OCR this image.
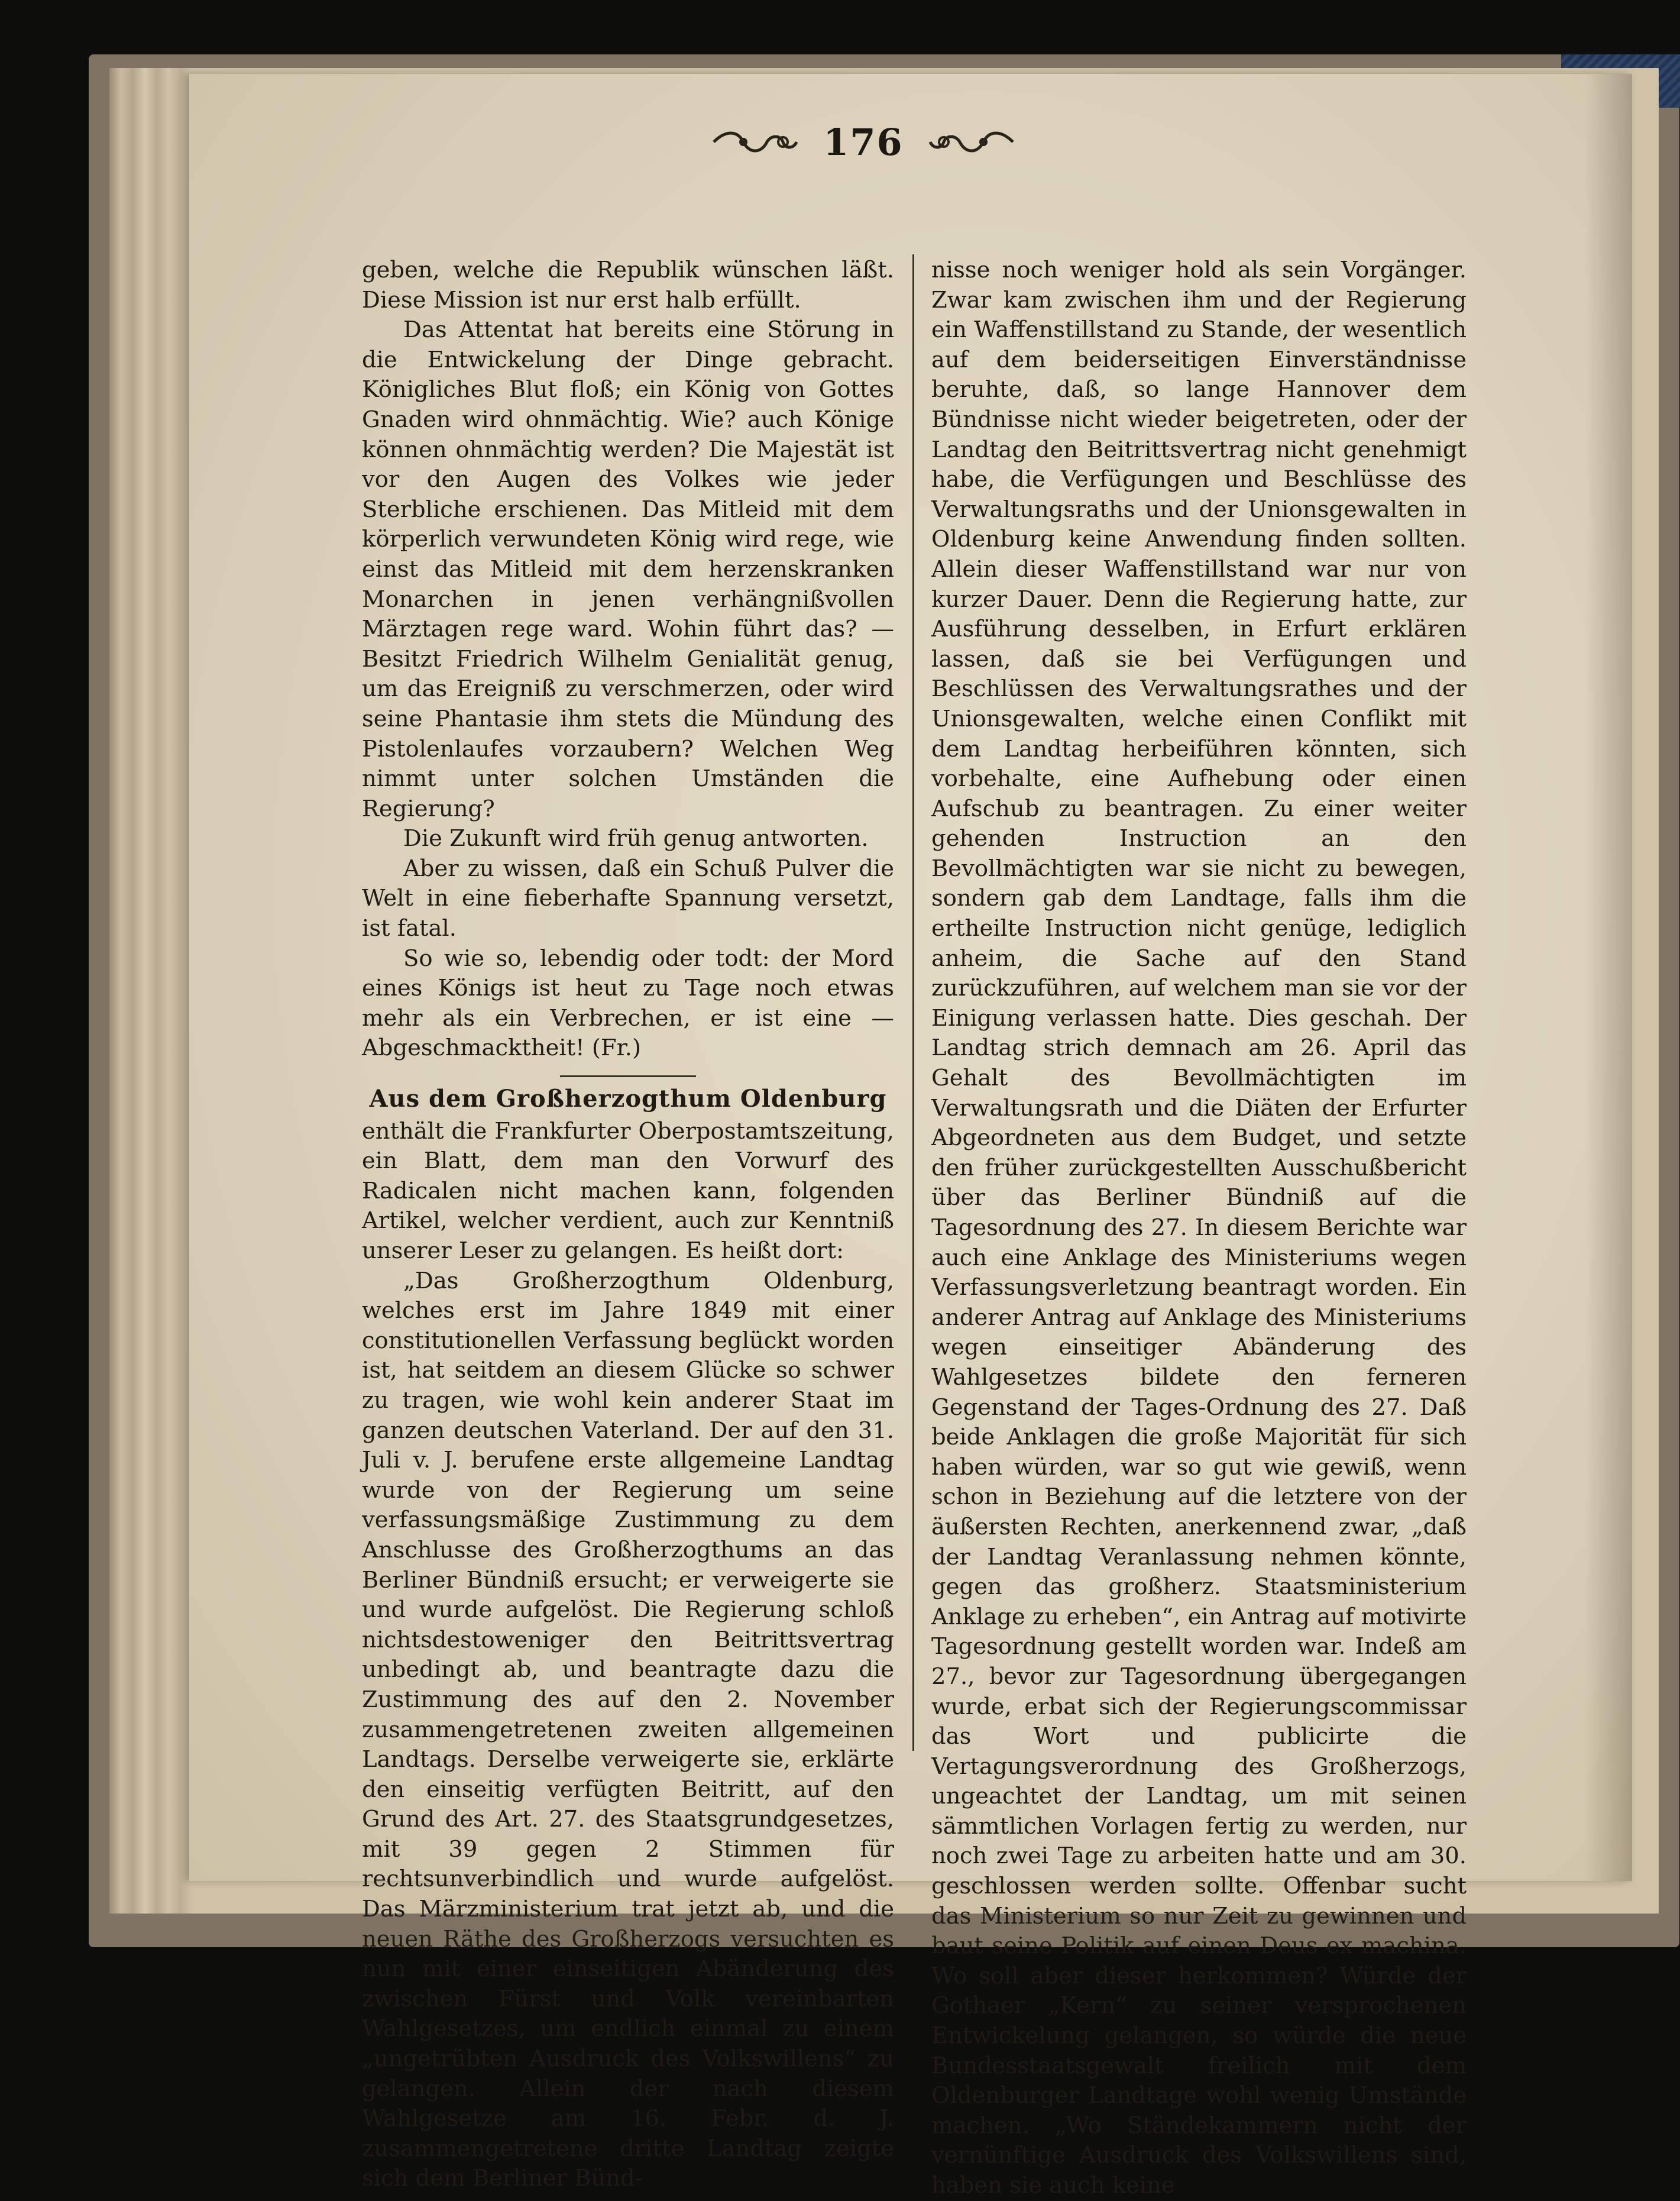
176

geben, welche die Republik wünschen läßt. Diese Mission ist nur erst halb erfüllt.

Das Attentat hat bereits eine Störung in die Entwickelung der Dinge gebracht. Königliches Blut floß; ein König von Gottes Gnaden wird ohnmächtig. Wie? auch Könige können ohnmächtig werden? Die Majestät ist vor den Augen des Volkes wie jeder Sterbliche erschienen. Das Mitleid mit dem körperlich verwundeten König wird rege, wie einst das Mitleid mit dem herzenskranken Monarchen in jenen verhängnißvollen Märztagen rege ward. Wohin führt das? — Besitzt Friedrich Wilhelm Genialität genug, um das Ereigniß zu verschmerzen, oder wird seine Phantasie ihm stets die Mündung des Pistolenlaufes vorzaubern? Welchen Weg nimmt unter solchen Umständen die Regierung?

Die Zukunft wird früh genug antworten.

Aber zu wissen, daß ein Schuß Pulver die Welt in eine fieberhafte Spannung versetzt, ist fatal.

So wie so, lebendig oder todt: der Mord eines Königs ist heut zu Tage noch etwas mehr als ein Verbrechen, er ist eine — Abgeschmacktheit! (Fr.)

Aus dem Großherzogthum Oldenburg

enthält die Frankfurter Oberpostamtszeitung, ein Blatt, dem man den Vorwurf des Radicalen nicht machen kann, folgenden Artikel, welcher verdient, auch zur Kenntniß unserer Leser zu gelangen. Es heißt dort:

„Das Großherzogthum Oldenburg, welches erst im Jahre 1849 mit einer constitutionellen Verfassung beglückt worden ist, hat seitdem an diesem Glücke so schwer zu tragen, wie wohl kein anderer Staat im ganzen deutschen Vaterland. Der auf den 31. Juli v. J. berufene erste allgemeine Landtag wurde von der Regierung um seine verfassungsmäßige Zustimmung zu dem Anschlusse des Großherzogthums an das Berliner Bündniß ersucht; er verweigerte sie und wurde aufgelöst. Die Regierung schloß nichtsdestoweniger den Beitrittsvertrag unbedingt ab, und beantragte dazu die Zustimmung des auf den 2. November zusammengetretenen zweiten allgemeinen Landtags. Derselbe verweigerte sie, erklärte den einseitig verfügten Beitritt, auf den Grund des Art. 27. des Staatsgrundgesetzes, mit 39 gegen 2 Stimmen für rechtsunverbindlich und wurde aufgelöst. Das Märzministerium trat jetzt ab, und die neuen Räthe des Großherzogs versuchten es nun mit einer einseitigen Abänderung des zwischen Fürst und Volk vereinbarten Wahlgesetzes, um endlich einmal zu einem „ungetrübten Ausdruck des Volkswillens“ zu gelangen. Allein der nach diesem Wahlgesetze am 16. Febr. d. J. zusammengetretene dritte Landtag zeigte sich dem Berliner Bünd-

nisse noch weniger hold als sein Vorgänger. Zwar kam zwischen ihm und der Regierung ein Waffenstillstand zu Stande, der wesentlich auf dem beiderseitigen Einverständnisse beruhte, daß, so lange Hannover dem Bündnisse nicht wieder beigetreten, oder der Landtag den Beitrittsvertrag nicht genehmigt habe, die Verfügungen und Beschlüsse des Verwaltungsraths und der Unionsgewalten in Oldenburg keine Anwendung finden sollten. Allein dieser Waffenstillstand war nur von kurzer Dauer. Denn die Regierung hatte, zur Ausführung desselben, in Erfurt erklären lassen, daß sie bei Verfügungen und Beschlüssen des Verwaltungsrathes und der Unionsgewalten, welche einen Conflikt mit dem Landtag herbeiführen könnten, sich vorbehalte, eine Aufhebung oder einen Aufschub zu beantragen. Zu einer weiter gehenden Instruction an den Bevollmächtigten war sie nicht zu bewegen, sondern gab dem Landtage, falls ihm die ertheilte Instruction nicht genüge, lediglich anheim, die Sache auf den Stand zurückzuführen, auf welchem man sie vor der Einigung verlassen hatte. Dies geschah. Der Landtag strich demnach am 26. April das Gehalt des Bevollmächtigten im Verwaltungsrath und die Diäten der Erfurter Abgeordneten aus dem Budget, und setzte den früher zurückgestellten Ausschußbericht über das Berliner Bündniß auf die Tagesordnung des 27. In diesem Berichte war auch eine Anklage des Ministeriums wegen Verfassungsverletzung beantragt worden. Ein anderer Antrag auf Anklage des Ministeriums wegen einseitiger Abänderung des Wahlgesetzes bildete den ferneren Gegenstand der Tages-Ordnung des 27. Daß beide Anklagen die große Majorität für sich haben würden, war so gut wie gewiß, wenn schon in Beziehung auf die letztere von der äußersten Rechten, anerkennend zwar, „daß der Landtag Veranlassung nehmen könnte, gegen das großherz. Staatsministerium Anklage zu erheben“, ein Antrag auf motivirte Tagesordnung gestellt worden war. Indeß am 27., bevor zur Tagesordnung übergegangen wurde, erbat sich der Regierungscommissar das Wort und publicirte die Vertagungsverordnung des Großherzogs, ungeachtet der Landtag, um mit seinen sämmtlichen Vorlagen fertig zu werden, nur noch zwei Tage zu arbeiten hatte und am 30. geschlossen werden sollte. Offenbar sucht das Ministerium so nur Zeit zu gewinnen und baut seine Politik auf einen Deus ex machina. Wo soll aber dieser herkommen? Würde der Gothaer „Kern“ zu seiner versprochenen Entwickelung gelangen, so würde die neue Bundesstaatsgewalt freilich mit dem Oldenburger Landtage wohl wenig Umstände machen. „Wo Ständekammern nicht der vernünftige Ausdruck des Volkswillens sind, haben sie auch keine
